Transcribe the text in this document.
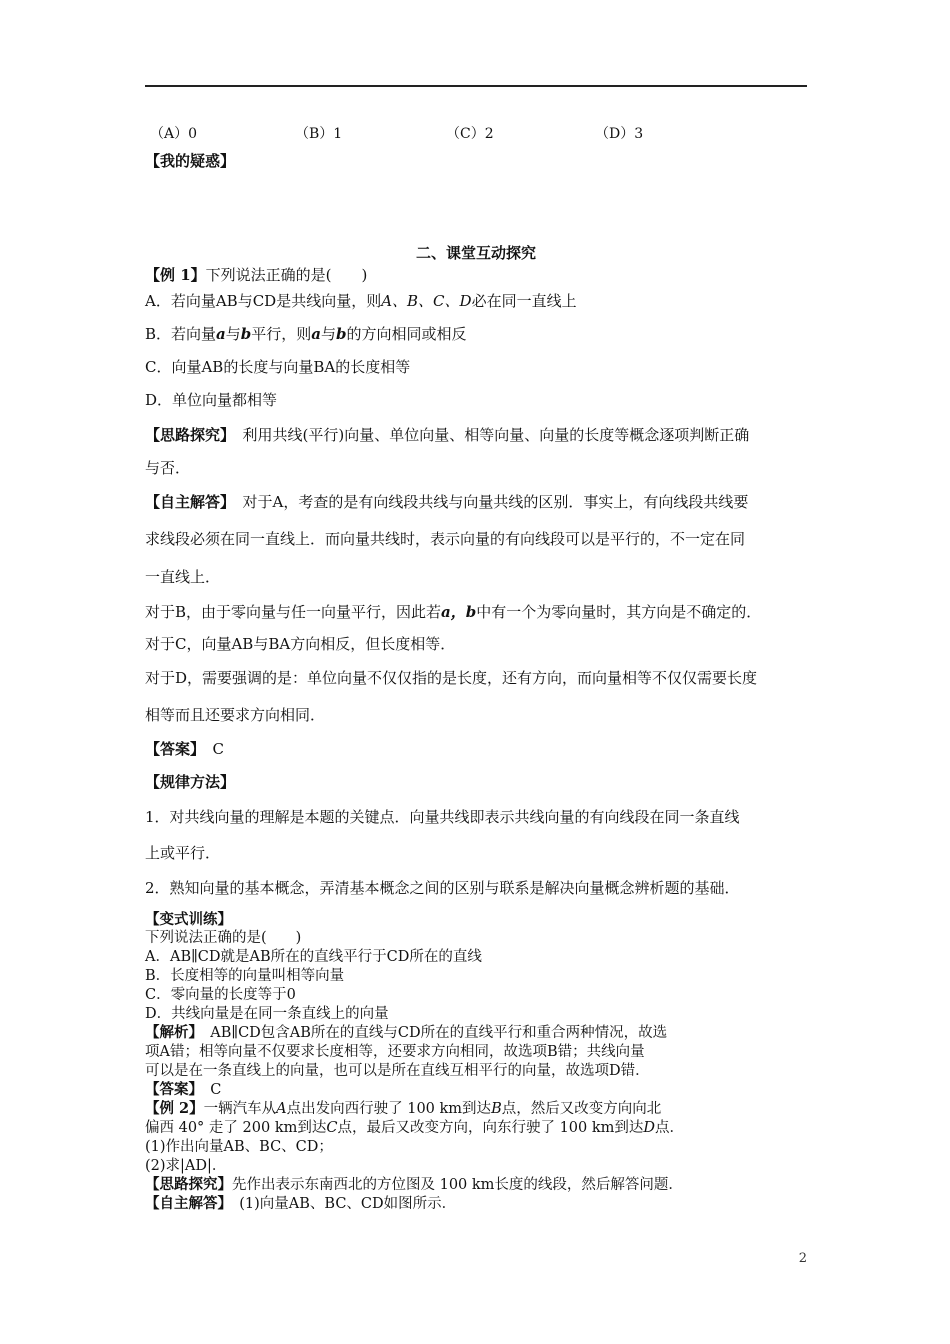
（A）0	（B）1	（C）2	（D）3
【我的疑惑】
二、课堂互动探究
【例 1】下列说法正确的是(　　)
A．若向量AB与CD是共线向量，则A、B、C、D必在同一直线上
B．若向量a与b平行，则a与b的方向相同或相反
C．向量AB的长度与向量BA的长度相等
D．单位向量都相等
【思路探究】　利用共线(平行)向量、单位向量、相等向量、向量的长度等概念逐项判断正确
与否．
【自主解答】　对于A，考查的是有向线段共线与向量共线的区别．事实上，有向线段共线要
求线段必须在同一直线上．而向量共线时，表示向量的有向线段可以是平行的，不一定在同
一直线上．
对于B，由于零向量与任一向量平行，因此若a，b中有一个为零向量时，其方向是不确定的．
对于C，向量AB与BA方向相反，但长度相等．
对于D，需要强调的是：单位向量不仅仅指的是长度，还有方向，而向量相等不仅仅需要长度
相等而且还要求方向相同．
【答案】　C
【规律方法】
1．对共线向量的理解是本题的关键点．向量共线即表示共线向量的有向线段在同一条直线
上或平行．
2．熟知向量的基本概念，弄清基本概念之间的区别与联系是解决向量概念辨析题的基础．
【变式训练】
下列说法正确的是(　　)
A．AB∥CD就是AB所在的直线平行于CD所在的直线
B．长度相等的向量叫相等向量
C．零向量的长度等于0
D．共线向量是在同一条直线上的向量
【解析】　AB∥CD包含AB所在的直线与CD所在的直线平行和重合两种情况，故选
项A错；相等向量不仅要求长度相等，还要求方向相同，故选项B错；共线向量
可以是在一条直线上的向量，也可以是所在直线互相平行的向量，故选项D错．
【答案】　C
【例 2】一辆汽车从A点出发向西行驶了 100 km到达B点，然后又改变方向向北
偏西 40° 走了 200 km到达C点，最后又改变方向，向东行驶了 100 km到达D点．
(1)作出向量AB、BC、CD；
(2)求|AD|．
【思路探究】先作出表示东南西北的方位图及 100 km长度的线段，然后解答问题．
【自主解答】　(1)向量AB、BC、CD如图所示．
2
